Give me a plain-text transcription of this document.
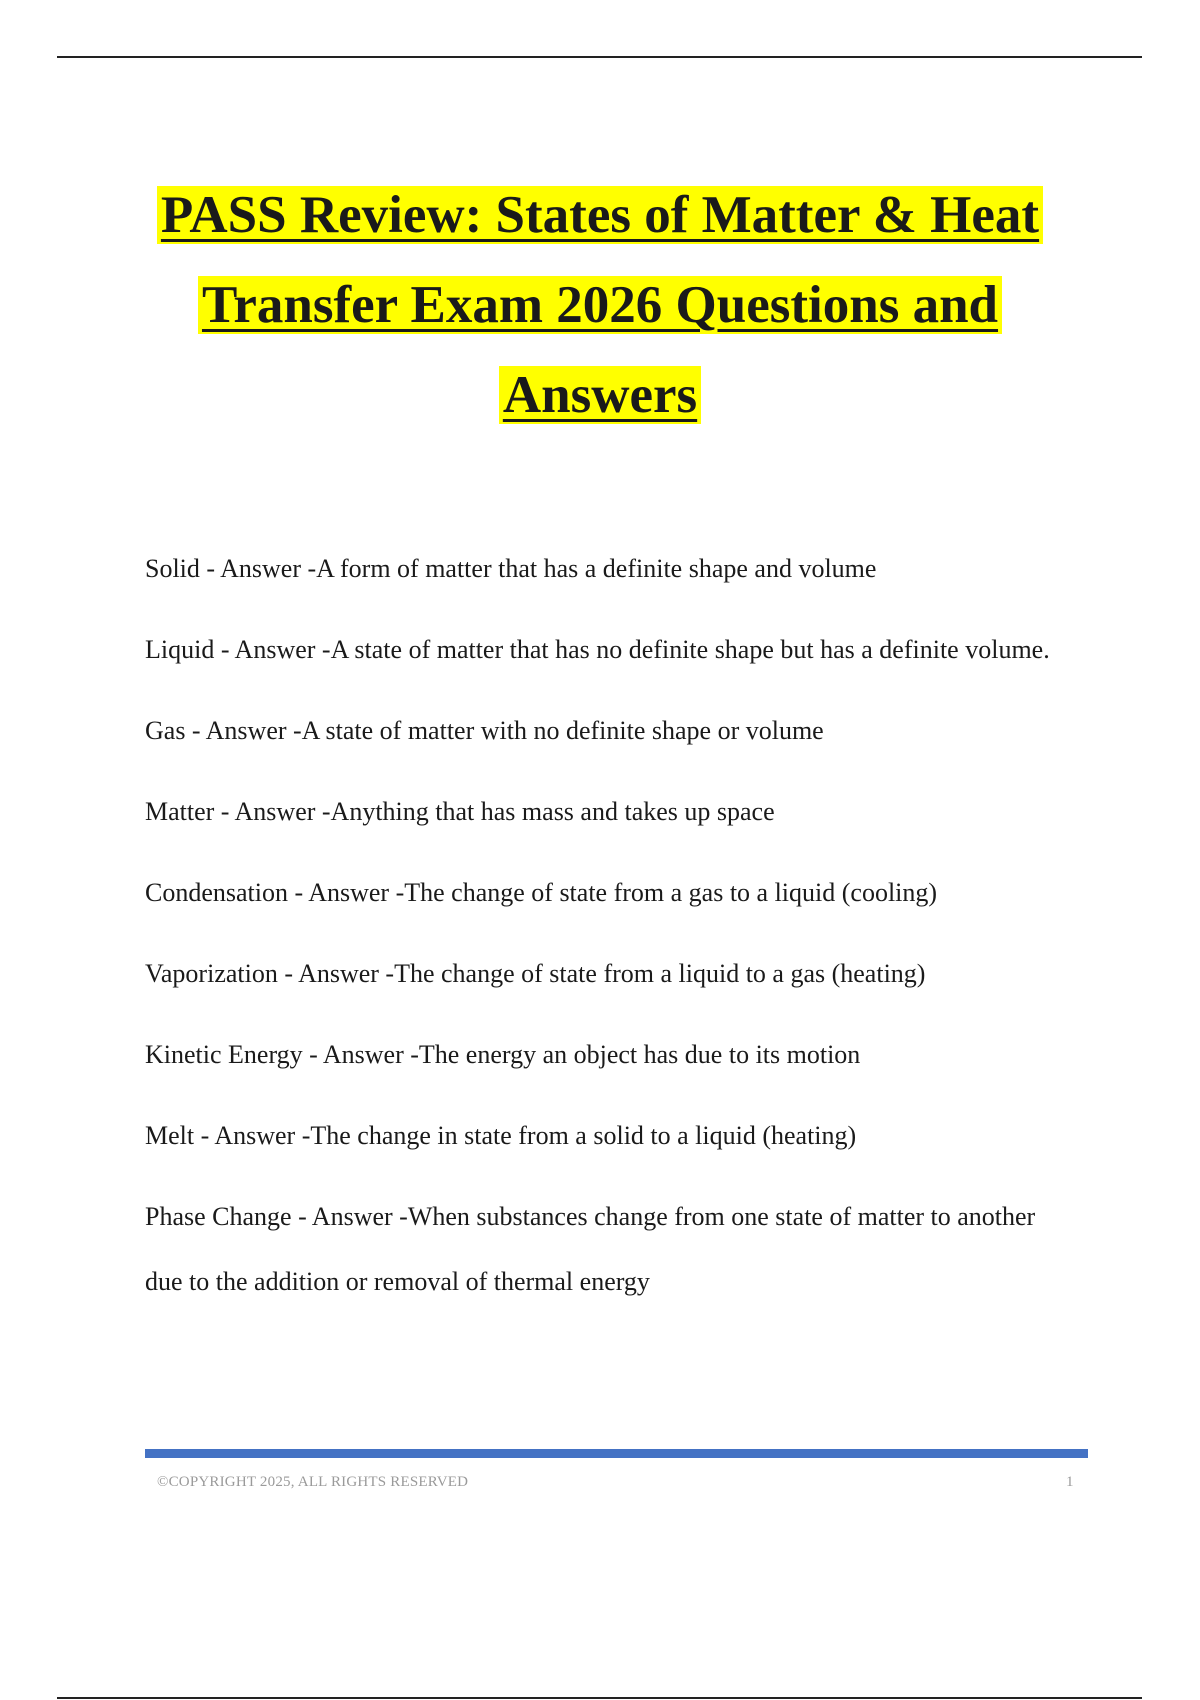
PASS Review: States of Matter & Heat
Transfer Exam 2026 Questions and
Answers

Solid - Answer -A form of matter that has a definite shape and volume

Liquid - Answer -A state of matter that has no definite shape but has a definite volume.

Gas - Answer -A state of matter with no definite shape or volume

Matter - Answer -Anything that has mass and takes up space

Condensation - Answer -The change of state from a gas to a liquid (cooling)

Vaporization - Answer -The change of state from a liquid to a gas (heating)

Kinetic Energy - Answer -The energy an object has due to its motion

Melt - Answer -The change in state from a solid to a liquid (heating)

Phase Change - Answer -When substances change from one state of matter to another due to the addition or removal of thermal energy

©COPYRIGHT 2025, ALL RIGHTS RESERVED	1
